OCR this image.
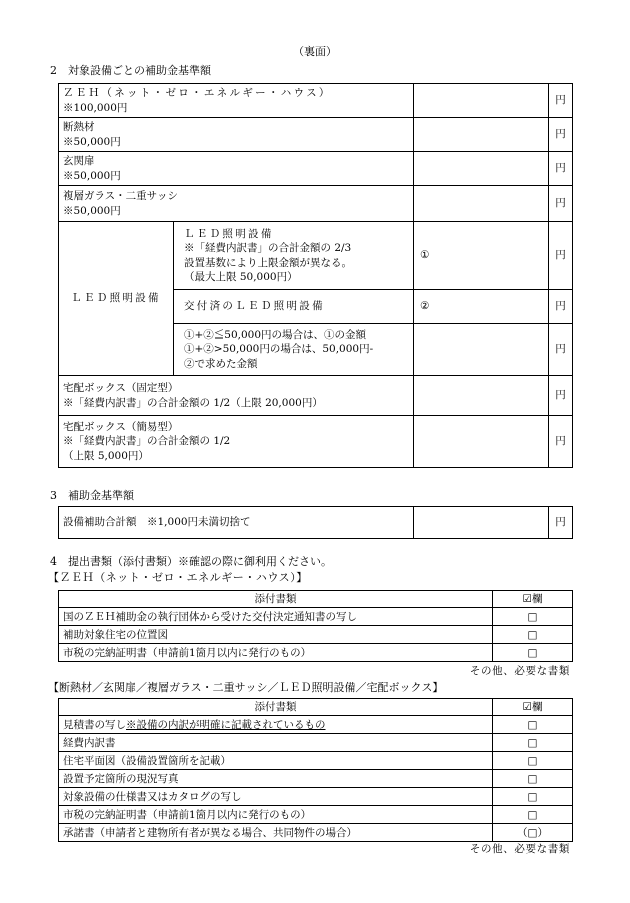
（裏面）
2　対象設備ごとの補助金基準額
ＺＥＨ（ネット・ゼロ・エネルギー・ハウス）
※100,000円			円

断熱材
※50,000円			円

玄関扉
※50,000円			円

複層ガラス・二重サッシ
※50,000円			円
ＬＥＤ照明設備	ＬＥＤ照明設備
※「経費内訳書」の合計金額の 2/3
設置基数により上限金額が異なる。
（最大上限 50,000円）	①	円
	交付済のＬＥＤ照明設備	②	円

	①+②≦50,000円の場合は、①の金額
①+②>50,000円の場合は、50,000円-
②で求めた金額		円

宅配ボックス（固定型）
※「経費内訳書」の合計金額の 1/2（上限 20,000円）			円

宅配ボックス（簡易型）
※「経費内訳書」の合計金額の 1/2
（上限 5,000円）			円
3　補助金基準額
設備補助合計額　※1,000円未満切捨て		円
4　提出書類（添付書類）※確認の際に御利用ください。
【ＺＥＨ（ネット・ゼロ・エネルギー・ハウス）】
添付書類	☑欄
国のＺＥＨ補助金の執行団体から受けた交付決定通知書の写し	□
補助対象住宅の位置図	□
市税の完納証明書（申請前1箇月以内に発行のもの）	□
その他、必要な書類
【断熱材／玄関扉／複層ガラス・二重サッシ／ＬＥＤ照明設備／宅配ボックス】
添付書類	☑欄
見積書の写し※設備の内訳が明確に記載されているもの	□
経費内訳書	□
住宅平面図（設備設置箇所を記載）	□
設置予定箇所の現況写真	□
対象設備の仕様書又はカタログの写し	□
市税の完納証明書（申請前1箇月以内に発行のもの）	□
承諾書（申請者と建物所有者が異なる場合、共同物件の場合）	（□）
その他、必要な書類
